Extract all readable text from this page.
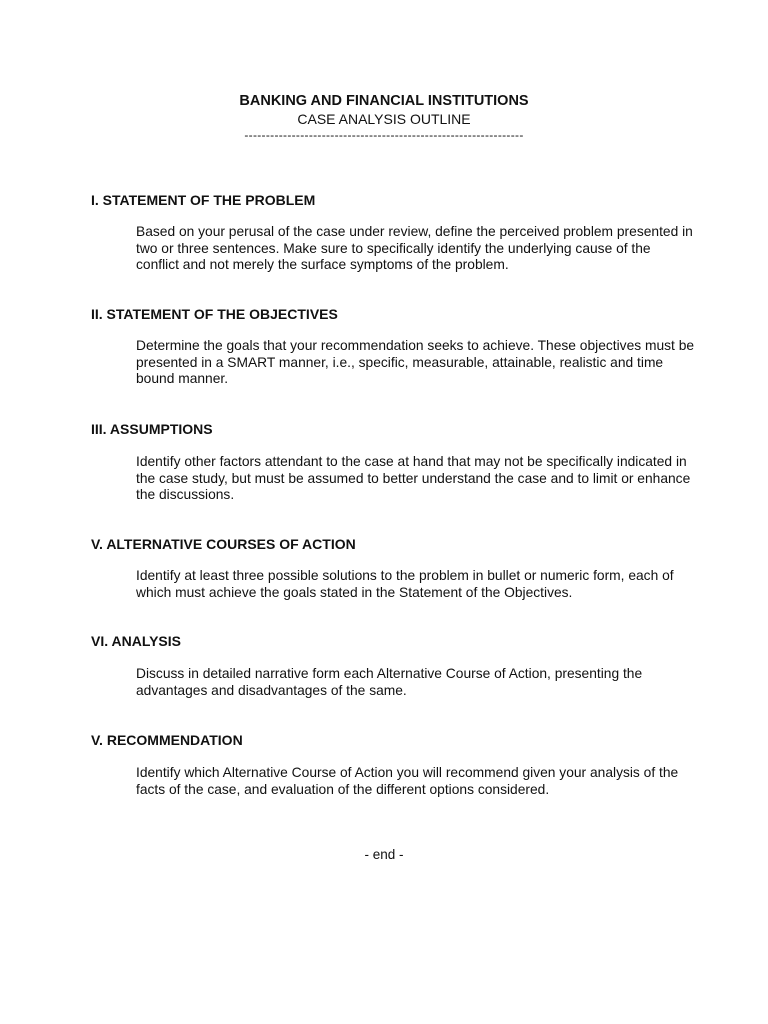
BANKING AND FINANCIAL INSTITUTIONS

CASE ANALYSIS OUTLINE

-----------------------------------------------------------------

I. STATEMENT OF THE PROBLEM
Based on your perusal of the case under review, define the perceived problem presented in two or three sentences. Make sure to specifically identify the underlying cause of the conflict and not merely the surface symptoms of the problem.
II. STATEMENT OF THE OBJECTIVES
Determine the goals that your recommendation seeks to achieve. These objectives must be presented in a SMART manner, i.e., specific, measurable, attainable, realistic and time bound manner.
III. ASSUMPTIONS
Identify other factors attendant to the case at hand that may not be specifically indicated in the case study, but must be assumed to better understand the case and to limit or enhance the discussions.
V. ALTERNATIVE COURSES OF ACTION
Identify at least three possible solutions to the problem in bullet or numeric form, each of which must achieve the goals stated in the Statement of the Objectives.
VI. ANALYSIS
Discuss in detailed narrative form each Alternative Course of Action, presenting the advantages and disadvantages of the same.
V. RECOMMENDATION
Identify which Alternative Course of Action you will recommend given your analysis of the facts of the case, and evaluation of the different options considered.
- end -
